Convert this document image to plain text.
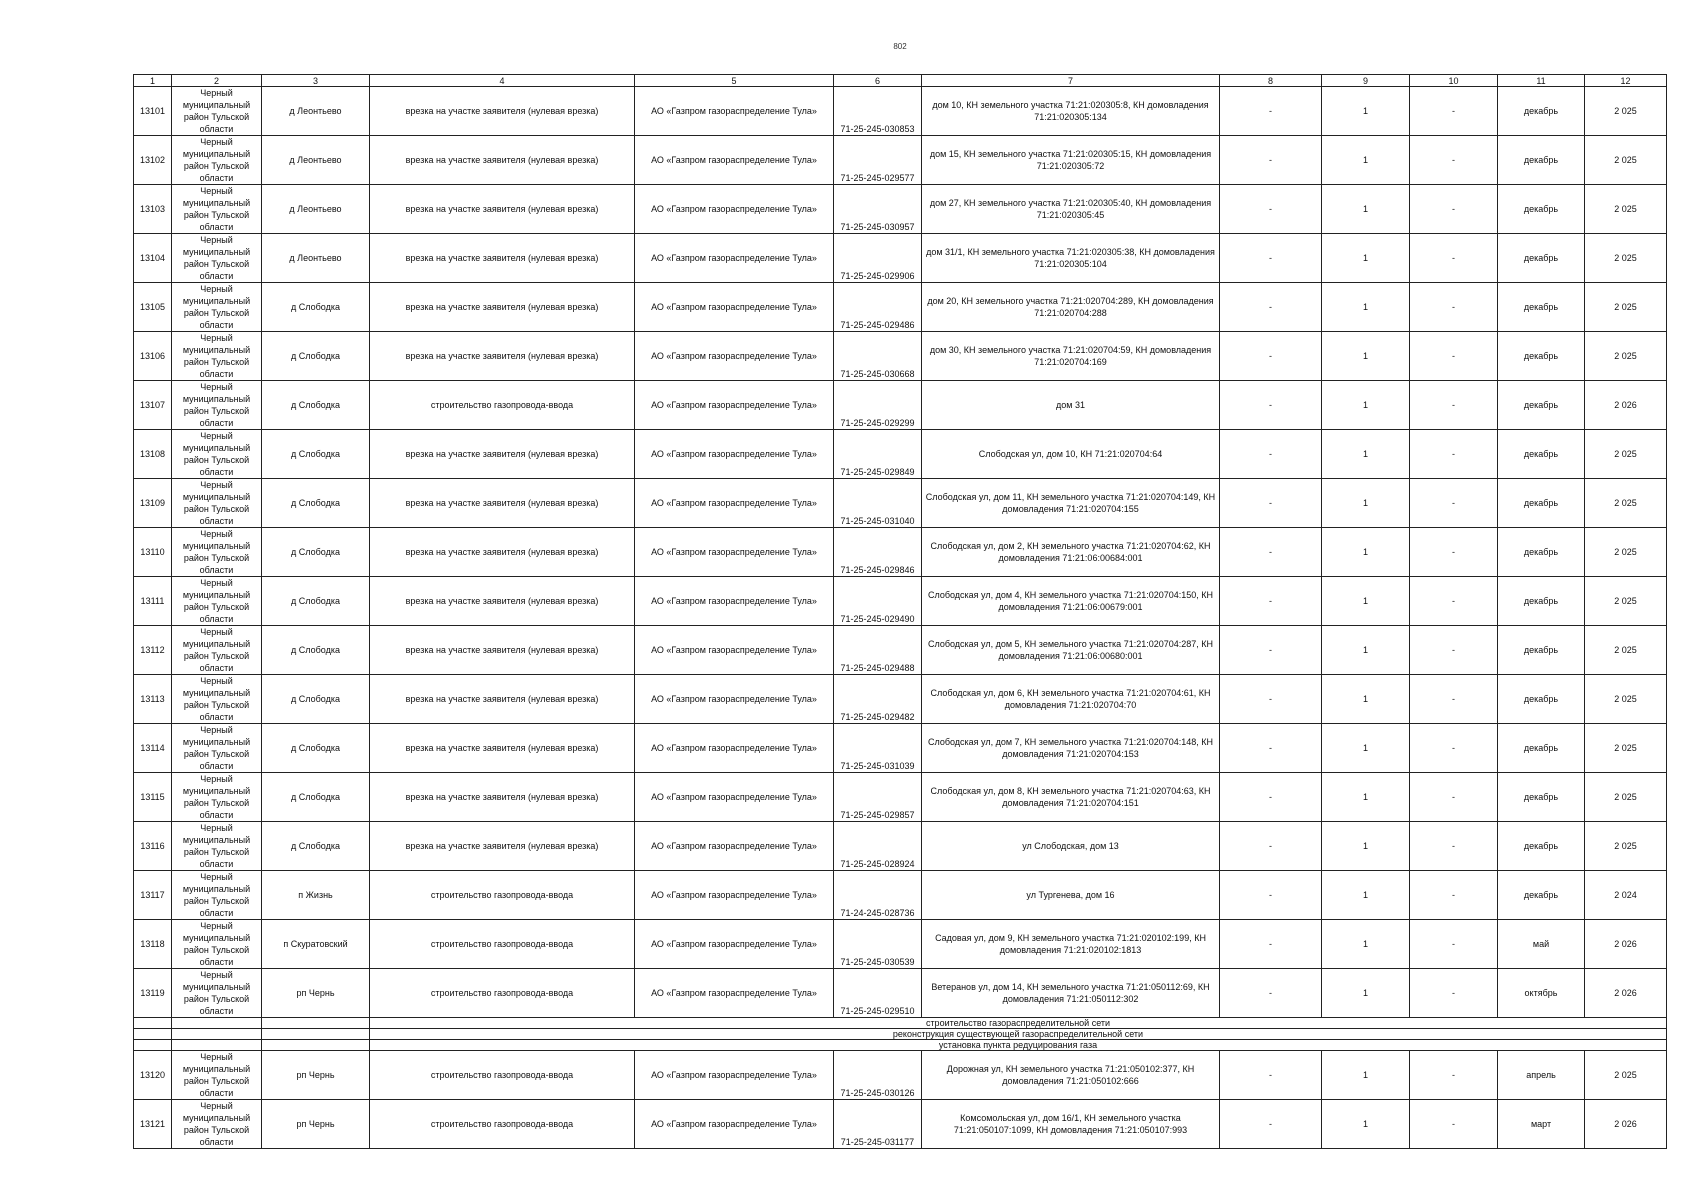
802
1	2	3	4	5	6	7	8	9	10	11	12
13101	Черный муниципальный район Тульской области	д Леонтьево	врезка на участке заявителя (нулевая врезка)	АО «Газпром газораспределение Тула»	71-25-245-030853	дом 10, КН земельного участка 71:21:020305:8, КН домовладения 71:21:020305:134	-	1	-	декабрь	2 025
13102	Черный муниципальный район Тульской области	д Леонтьево	врезка на участке заявителя (нулевая врезка)	АО «Газпром газораспределение Тула»	71-25-245-029577	дом 15, КН земельного участка 71:21:020305:15, КН домовладения 71:21:020305:72	-	1	-	декабрь	2 025
13103	Черный муниципальный район Тульской области	д Леонтьево	врезка на участке заявителя (нулевая врезка)	АО «Газпром газораспределение Тула»	71-25-245-030957	дом 27, КН земельного участка 71:21:020305:40, КН домовладения 71:21:020305:45	-	1	-	декабрь	2 025
13104	Черный муниципальный район Тульской области	д Леонтьево	врезка на участке заявителя (нулевая врезка)	АО «Газпром газораспределение Тула»	71-25-245-029906	дом 31/1, КН земельного участка 71:21:020305:38, КН домовладения 71:21:020305:104	-	1	-	декабрь	2 025
13105	Черный муниципальный район Тульской области	д Слободка	врезка на участке заявителя (нулевая врезка)	АО «Газпром газораспределение Тула»	71-25-245-029486	дом 20, КН земельного участка 71:21:020704:289, КН домовладения 71:21:020704:288	-	1	-	декабрь	2 025
13106	Черный муниципальный район Тульской области	д Слободка	врезка на участке заявителя (нулевая врезка)	АО «Газпром газораспределение Тула»	71-25-245-030668	дом 30, КН земельного участка 71:21:020704:59, КН домовладения 71:21:020704:169	-	1	-	декабрь	2 025
13107	Черный муниципальный район Тульской области	д Слободка	строительство газопровода-ввода	АО «Газпром газораспределение Тула»	71-25-245-029299	дом 31	-	1	-	декабрь	2 026
13108	Черный муниципальный район Тульской области	д Слободка	врезка на участке заявителя (нулевая врезка)	АО «Газпром газораспределение Тула»	71-25-245-029849	Слободская ул, дом 10, КН 71:21:020704:64	-	1	-	декабрь	2 025
13109	Черный муниципальный район Тульской области	д Слободка	врезка на участке заявителя (нулевая врезка)	АО «Газпром газораспределение Тула»	71-25-245-031040	Слободская ул, дом 11, КН земельного участка 71:21:020704:149, КН домовладения 71:21:020704:155	-	1	-	декабрь	2 025
13110	Черный муниципальный район Тульской области	д Слободка	врезка на участке заявителя (нулевая врезка)	АО «Газпром газораспределение Тула»	71-25-245-029846	Слободская ул, дом 2, КН земельного участка 71:21:020704:62, КН домовладения 71:21:06:00684:001	-	1	-	декабрь	2 025
13111	Черный муниципальный район Тульской области	д Слободка	врезка на участке заявителя (нулевая врезка)	АО «Газпром газораспределение Тула»	71-25-245-029490	Слободская ул, дом 4, КН земельного участка 71:21:020704:150, КН домовладения 71:21:06:00679:001	-	1	-	декабрь	2 025
13112	Черный муниципальный район Тульской области	д Слободка	врезка на участке заявителя (нулевая врезка)	АО «Газпром газораспределение Тула»	71-25-245-029488	Слободская ул, дом 5, КН земельного участка 71:21:020704:287, КН домовладения 71:21:06:00680:001	-	1	-	декабрь	2 025
13113	Черный муниципальный район Тульской области	д Слободка	врезка на участке заявителя (нулевая врезка)	АО «Газпром газораспределение Тула»	71-25-245-029482	Слободская ул, дом 6, КН земельного участка 71:21:020704:61, КН домовладения 71:21:020704:70	-	1	-	декабрь	2 025
13114	Черный муниципальный район Тульской области	д Слободка	врезка на участке заявителя (нулевая врезка)	АО «Газпром газораспределение Тула»	71-25-245-031039	Слободская ул, дом 7, КН земельного участка 71:21:020704:148, КН домовладения 71:21:020704:153	-	1	-	декабрь	2 025
13115	Черный муниципальный район Тульской области	д Слободка	врезка на участке заявителя (нулевая врезка)	АО «Газпром газораспределение Тула»	71-25-245-029857	Слободская ул, дом 8, КН земельного участка 71:21:020704:63, КН домовладения 71:21:020704:151	-	1	-	декабрь	2 025
13116	Черный муниципальный район Тульской области	д Слободка	врезка на участке заявителя (нулевая врезка)	АО «Газпром газораспределение Тула»	71-25-245-028924	ул Слободская, дом 13	-	1	-	декабрь	2 025
13117	Черный муниципальный район Тульской области	п Жизнь	строительство газопровода-ввода	АО «Газпром газораспределение Тула»	71-24-245-028736	ул Тургенева, дом 16	-	1	-	декабрь	2 024
13118	Черный муниципальный район Тульской области	п Скуратовский	строительство газопровода-ввода	АО «Газпром газораспределение Тула»	71-25-245-030539	Садовая ул, дом 9, КН земельного участка 71:21:020102:199, КН домовладения 71:21:020102:1813	-	1	-	май	2 026
13119	Черный муниципальный район Тульской области	рп Чернь	строительство газопровода-ввода	АО «Газпром газораспределение Тула»	71-25-245-029510	Ветеранов ул, дом 14, КН земельного участка 71:21:050112:69, КН домовладения 71:21:050112:302	-	1	-	октябрь	2 026
			строительство газораспределительной сети								
			реконструкция существующей газораспределительной сети								
			установка пункта редуцирования газа								
13120	Черный муниципальный район Тульской области	рп Чернь	строительство газопровода-ввода	АО «Газпром газораспределение Тула»	71-25-245-030126	Дорожная ул, КН земельного участка 71:21:050102:377, КН домовладения 71:21:050102:666	-	1	-	апрель	2 025
13121	Черный муниципальный район Тульской области	рп Чернь	строительство газопровода-ввода	АО «Газпром газораспределение Тула»	71-25-245-031177	Комсомольская ул, дом 16/1, КН земельного участка 71:21:050107:1099, КН домовладения 71:21:050107:993	-	1	-	март	2 026
